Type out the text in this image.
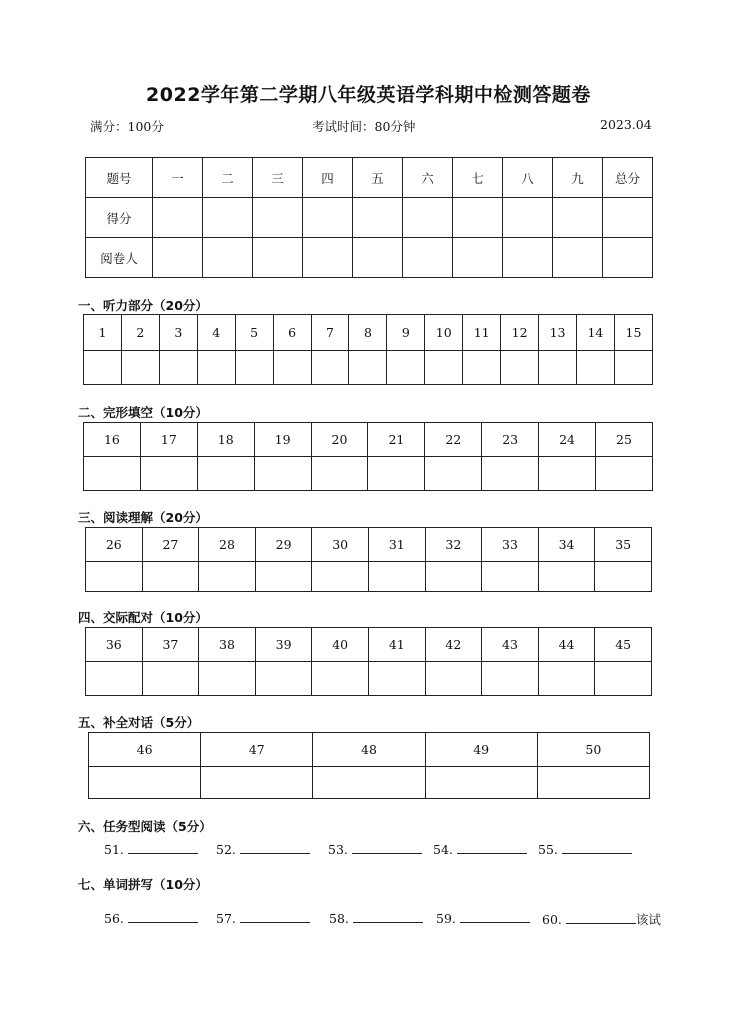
2022学年第二学期八年级英语学科期中检测答题卷
满分：100分	考试时间：80分钟	2023.04
题号	一	二	三	四	五	六	七	八	九	总分
得分										
阅卷人										
一、听力部分（20分）
1	2	3	4	5	6	7	8	9	10	11	12	13	14	15

二、完形填空（10分）
16	17	18	19	20	21	22	23	24	25

三、阅读理解（20分）
26	27	28	29	30	31	32	33	34	35

四、交际配对（10分）
36	37	38	39	40	41	42	43	44	45

五、补全对话（5分）
46	47	48	49	50

六、任务型阅读（5分）
51.	52.	53.	54.	55.
七、单词拼写（10分）
56.	57.	58.	59.	60.	该试
